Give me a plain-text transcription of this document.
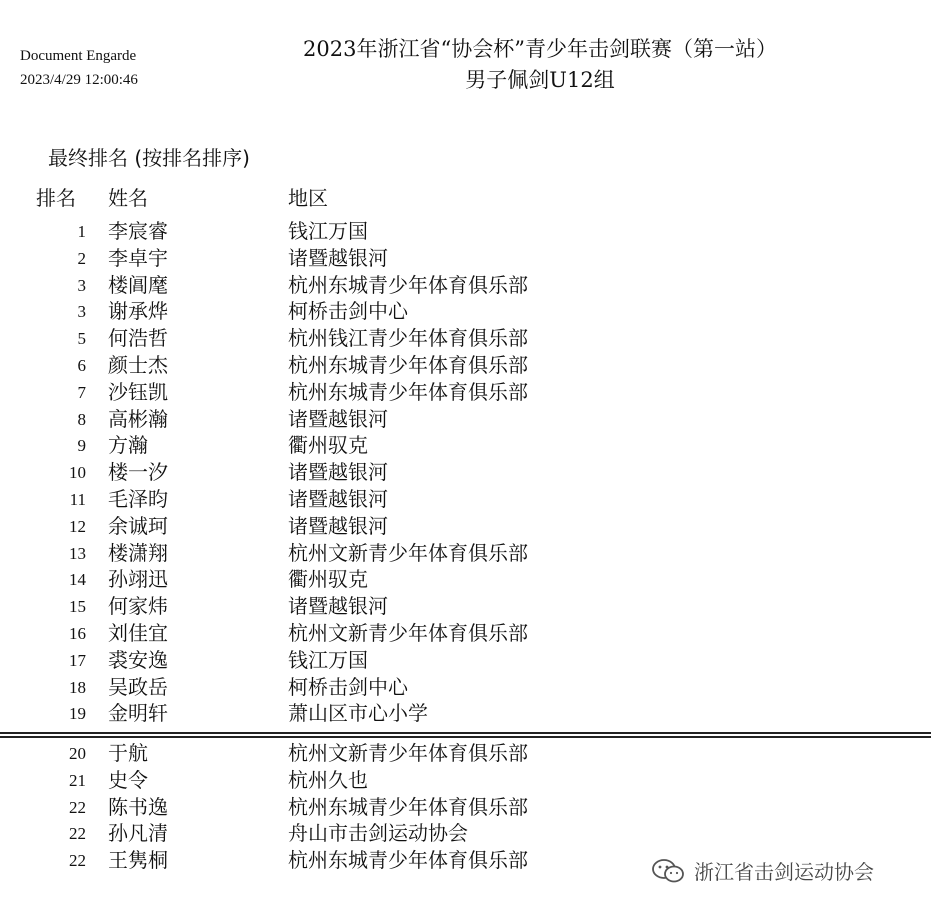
Document Engarde
2023/4/29 12:00:46
2023年浙江省“协会杯”青少年击剑联赛（第一站）
男子佩剑U12组
最终排名 (按排名排序)
排名 姓名	地区
1 李宸睿	钱江万国
2 李卓宇	诸暨越银河
3 楼阊麾	杭州东城青少年体育俱乐部
3 谢承烨	柯桥击剑中心
5 何浩哲	杭州钱江青少年体育俱乐部
6 颜士杰	杭州东城青少年体育俱乐部
7 沙钰凯	杭州东城青少年体育俱乐部
8 高彬瀚	诸暨越银河
9 方瀚	衢州驭克
10 楼一汐	诸暨越银河
11 毛泽昀	诸暨越银河
12 余诚珂	诸暨越银河
13 楼潇翔	杭州文新青少年体育俱乐部
14 孙翊迅	衢州驭克
15 何家炜	诸暨越银河
16 刘佳宜	杭州文新青少年体育俱乐部
17 裘安逸	钱江万国
18 吴政岳	柯桥击剑中心
19 金明轩	萧山区市心小学
20 于航	杭州文新青少年体育俱乐部
21 史令	杭州久也
22 陈书逸	杭州东城青少年体育俱乐部
22 孙凡清	舟山市击剑运动协会
22 王隽桐	杭州东城青少年体育俱乐部	浙江省击剑运动协会
